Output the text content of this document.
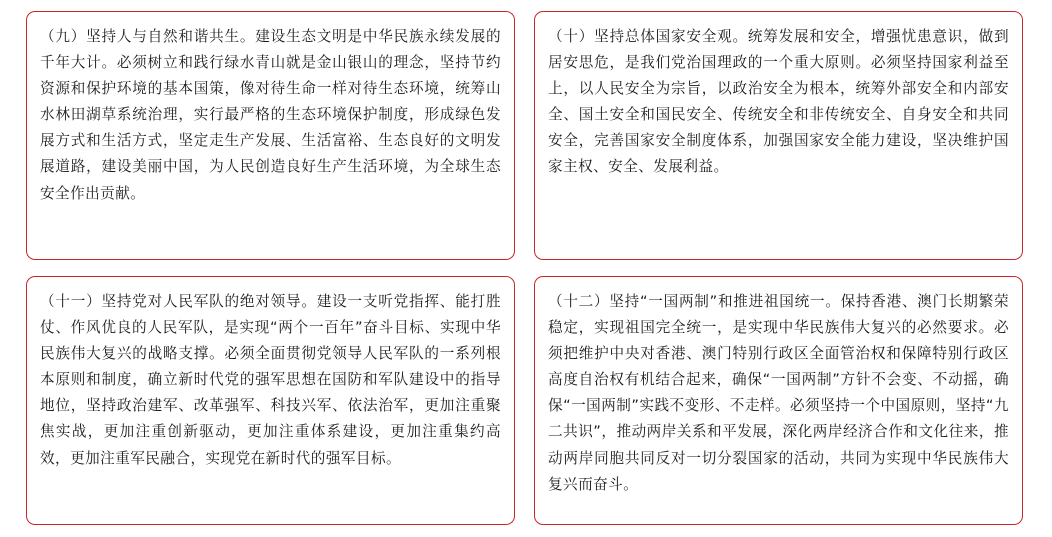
（九）坚持人与自然和谐共生。建设生态文明是中华民族永续发展的千年大计。必须树立和践行绿水青山就是金山银山的理念，坚持节约资源和保护环境的基本国策，像对待生命一样对待生态环境，统筹山水林田湖草系统治理，实行最严格的生态环境保护制度，形成绿色发展方式和生活方式，坚定走生产发展、生活富裕、生态良好的文明发展道路，建设美丽中国，为人民创造良好生产生活环境，为全球生态安全作出贡献。

（十）坚持总体国家安全观。统筹发展和安全，增强忧患意识，做到居安思危，是我们党治国理政的一个重大原则。必须坚持国家利益至上，以人民安全为宗旨，以政治安全为根本，统筹外部安全和内部安全、国土安全和国民安全、传统安全和非传统安全、自身安全和共同安全，完善国家安全制度体系，加强国家安全能力建设，坚决维护国家主权、安全、发展利益。

（十一）坚持党对人民军队的绝对领导。建设一支听党指挥、能打胜仗、作风优良的人民军队，是实现“两个一百年”奋斗目标、实现中华民族伟大复兴的战略支撑。必须全面贯彻党领导人民军队的一系列根本原则和制度，确立新时代党的强军思想在国防和军队建设中的指导地位，坚持政治建军、改革强军、科技兴军、依法治军，更加注重聚焦实战，更加注重创新驱动，更加注重体系建设，更加注重集约高效，更加注重军民融合，实现党在新时代的强军目标。

（十二）坚持“一国两制”和推进祖国统一。保持香港、澳门长期繁荣稳定，实现祖国完全统一，是实现中华民族伟大复兴的必然要求。必须把维护中央对香港、澳门特别行政区全面管治权和保障特别行政区高度自治权有机结合起来，确保“一国两制”方针不会变、不动摇，确保“一国两制”实践不变形、不走样。必须坚持一个中国原则，坚持“九二共识”，推动两岸关系和平发展，深化两岸经济合作和文化往来，推动两岸同胞共同反对一切分裂国家的活动，共同为实现中华民族伟大复兴而奋斗。
